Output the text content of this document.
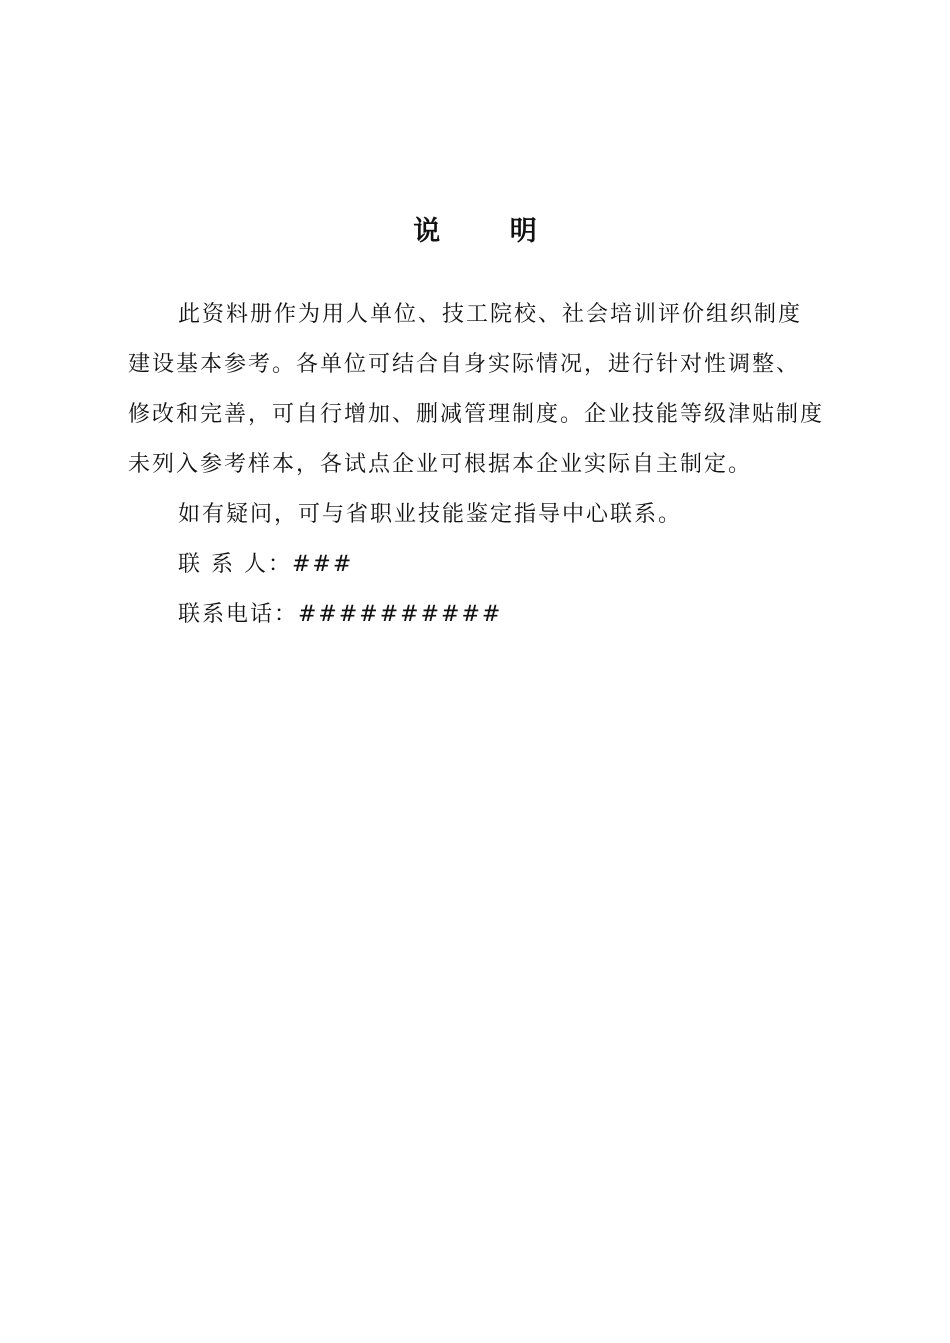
说 明

此资料册作为用人单位、技工院校、社会培训评价组织制度
建设基本参考。各单位可结合自身实际情况，进行针对性调整、
修改和完善，可自行增加、删减管理制度。企业技能等级津贴制度
未列入参考样本，各试点企业可根据本企业实际自主制定。

如有疑问，可与省职业技能鉴定指导中心联系。

联 系 人：###

联系电话：##########
